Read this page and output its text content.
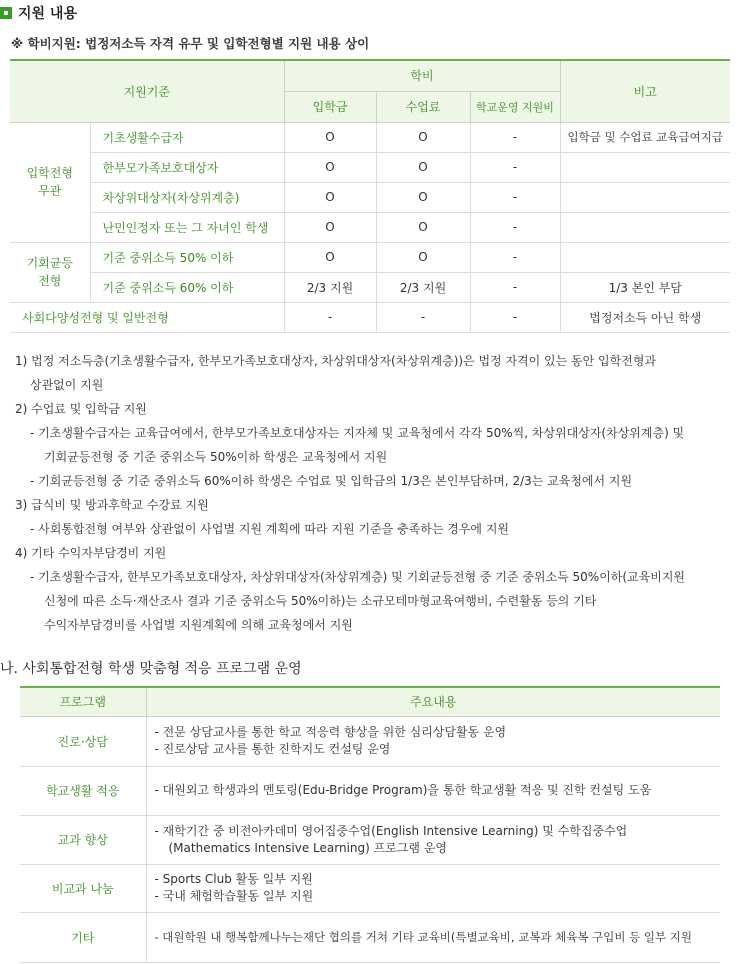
지원 내용
※ 학비지원: 법정저소득 자격 유무 및 입학전형별 지원 내용 상이
지원기준		학비			비고
		입학금	수업료	학교운영 지원비	
입학전형
무관	기초생활수급자	O	O	-	입학금 및 수업료 교육급여지급
	한부모가족보호대상자	O	O	-	
	차상위대상자(차상위계층)	O	O	-	
	난민인정자 또는 그 자녀인 학생	O	O	-	
기회균등
전형	기준 중위소득 50% 이하	O	O	-	
	기준 중위소득 60% 이하	2/3 지원	2/3 지원	-	1/3 본인 부담
사회다양성전형 및 일반전형		-	-	-	법정저소득 아닌 학생
1) 법정 저소득층(기초생활수급자, 한부모가족보호대상자, 차상위대상자(차상위계층))은 법정 자격이 있는 동안 입학전형과
상관없이 지원
2) 수업료 및 입학금 지원
- 기초생활수급자는 교육급여에서, 한부모가족보호대상자는 지자체 및 교육청에서 각각 50%씩, 차상위대상자(차상위계층) 및
기회균등전형 중 기준 중위소득 50%이하 학생은 교육청에서 지원
- 기회균등전형 중 기준 중위소득 60%이하 학생은 수업료 및 입학금의 1/3은 본인부담하며, 2/3는 교육청에서 지원
3) 급식비 및 방과후학교 수강료 지원
- 사회통합전형 여부와 상관없이 사업별 지원 계획에 따라 지원 기준을 충족하는 경우에 지원
4) 기타 수익자부담경비 지원
- 기초생활수급자, 한부모가족보호대상자, 차상위대상자(차상위계층) 및 기회균등전형 중 기준 중위소득 50%이하(교육비지원
신청에 따른 소득·재산조사 결과 기준 중위소득 50%이하)는 소규모테마형교육여행비, 수련활동 등의 기타
수익자부담경비를 사업별 지원계획에 의해 교육청에서 지원
나. 사회통합전형 학생 맞춤형 적응 프로그램 운영
프로그램	주요내용
진로·상담	- 전문 상담교사를 통한 학교 적응력 향상을 위한 심리상담활동 운영
- 진로상담 교사를 통한 진학지도 컨설팅 운영

학교생활 적응	- 대원외고 학생과의 멘토링(Edu-Bridge Program)을 통한 학교생활 적응 및 진학 컨설팅 도움

교과 향상	- 재학기간 중 비전아카데미 영어집중수업(English Intensive Learning) 및 수학집중수업
(Mathematics Intensive Learning) 프로그램 운영

비교과 나눔	- Sports Club 활동 일부 지원
- 국내 체험학습활동 일부 지원

기타	- 대원학원 내 행복함께나누는재단 협의를 거쳐 기타 교육비(특별교육비, 교복과 체육복 구입비 등 일부 지원
